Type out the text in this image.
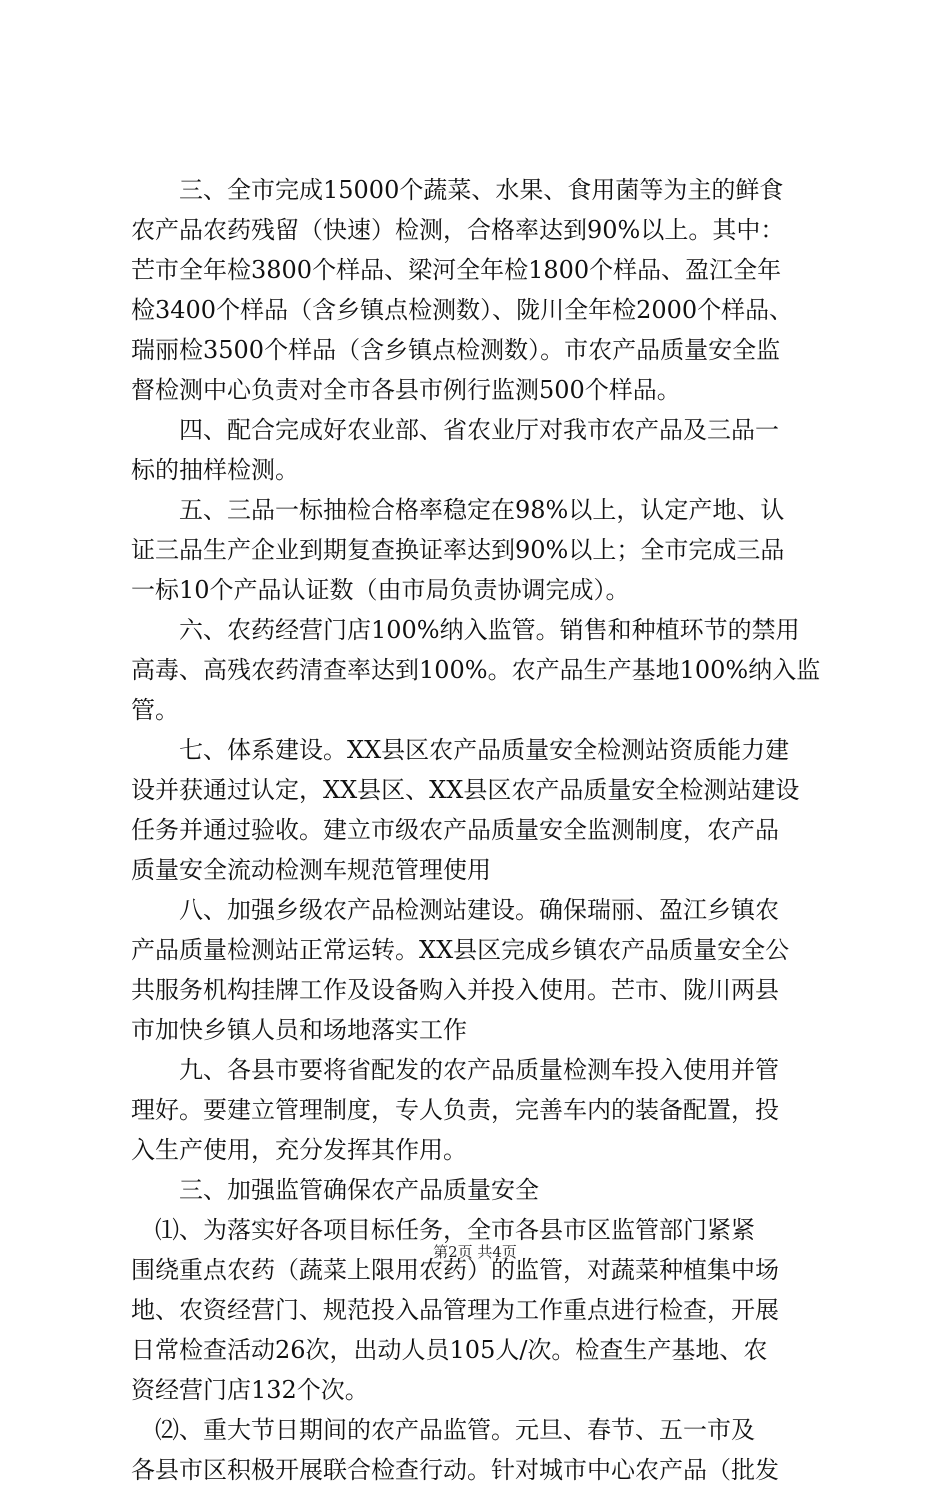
　　三、全市完成15000个蔬菜、水果、食用菌等为主的鲜食
农产品农药残留（快速）检测，合格率达到90%以上。其中：
芒市全年检3800个样品、梁河全年检1800个样品、盈江全年
检3400个样品（含乡镇点检测数）、陇川全年检2000个样品、
瑞丽检3500个样品（含乡镇点检测数）。市农产品质量安全监
督检测中心负责对全市各县市例行监测500个样品。
　　四、配合完成好农业部、省农业厅对我市农产品及三品一
标的抽样检测。
　　五、三品一标抽检合格率稳定在98%以上，认定产地、认
证三品生产企业到期复查换证率达到90%以上；全市完成三品
一标10个产品认证数（由市局负责协调完成）。
　　六、农药经营门店100%纳入监管。销售和种植环节的禁用
高毒、高残农药清查率达到100%。农产品生产基地100%纳入监
管。
　　七、体系建设。XX县区农产品质量安全检测站资质能力建
设并获通过认定，XX县区、XX县区农产品质量安全检测站建设
任务并通过验收。建立市级农产品质量安全监测制度，农产品
质量安全流动检测车规范管理使用
　　八、加强乡级农产品检测站建设。确保瑞丽、盈江乡镇农
产品质量检测站正常运转。XX县区完成乡镇农产品质量安全公
共服务机构挂牌工作及设备购入并投入使用。芒市、陇川两县
市加快乡镇人员和场地落实工作
　　九、各县市要将省配发的农产品质量检测车投入使用并管
理好。要建立管理制度，专人负责，完善车内的装备配置，投
入生产使用，充分发挥其作用。
　　三、加强监管确保农产品质量安全
　⑴、为落实好各项目标任务，全市各县市区监管部门紧紧
围绕重点农药（蔬菜上限用农药）的监管，对蔬菜种植集中场
地、农资经营门、规范投入品管理为工作重点进行检查，开展
日常检查活动26次，出动人员105人/次。检查生产基地、农
资经营门店132个次。
　⑵、重大节日期间的农产品监管。元旦、春节、五一市及
各县市区积极开展联合检查行动。针对城市中心农产品（批发
第2页 共4页
